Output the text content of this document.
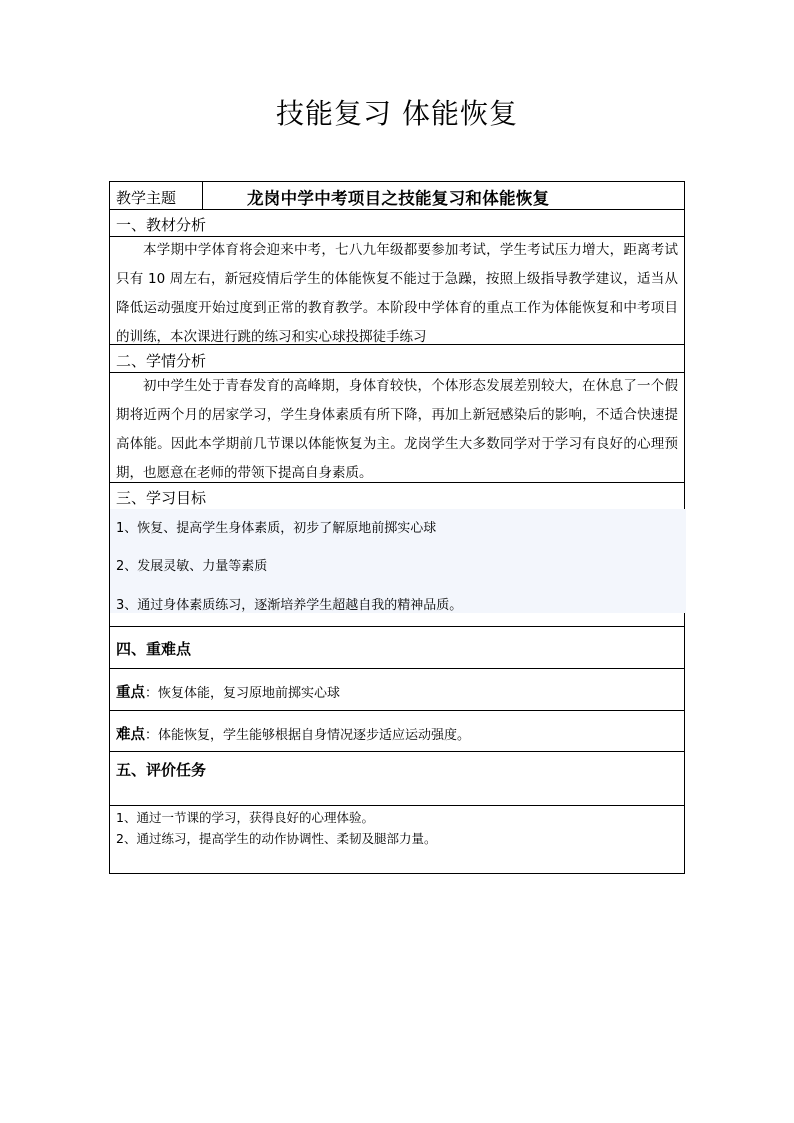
技能复习 体能恢复
教学主题	龙岗中学中考项目之技能复习和体能恢复
一、教材分析
本学期中学体育将会迎来中考，七八九年级都要参加考试，学生考试压力增大，距离考试只有 10 周左右，新冠疫情后学生的体能恢复不能过于急躁，按照上级指导教学建议，适当从降低运动强度开始过度到正常的教育教学。本阶段中学体育的重点工作为体能恢复和中考项目的训练，本次课进行跳的练习和实心球投掷徒手练习
二、学情分析
初中学生处于青春发育的高峰期，身体育较快，个体形态发展差别较大，在休息了一个假期将近两个月的居家学习，学生身体素质有所下降，再加上新冠感染后的影响，不适合快速提高体能。因此本学期前几节课以体能恢复为主。龙岗学生大多数同学对于学习有良好的心理预期，也愿意在老师的带领下提高自身素质。
三、学习目标
1、恢复、提高学生身体素质，初步了解原地前掷实心球
2、发展灵敏、力量等素质
3、通过身体素质练习，逐渐培养学生超越自我的精神品质。
四、重难点
重点：恢复体能，复习原地前掷实心球
难点：体能恢复，学生能够根据自身情况逐步适应运动强度。
五、评价任务
1、通过一节课的学习，获得良好的心理体验。
2、通过练习，提高学生的动作协调性、柔韧及腿部力量。
